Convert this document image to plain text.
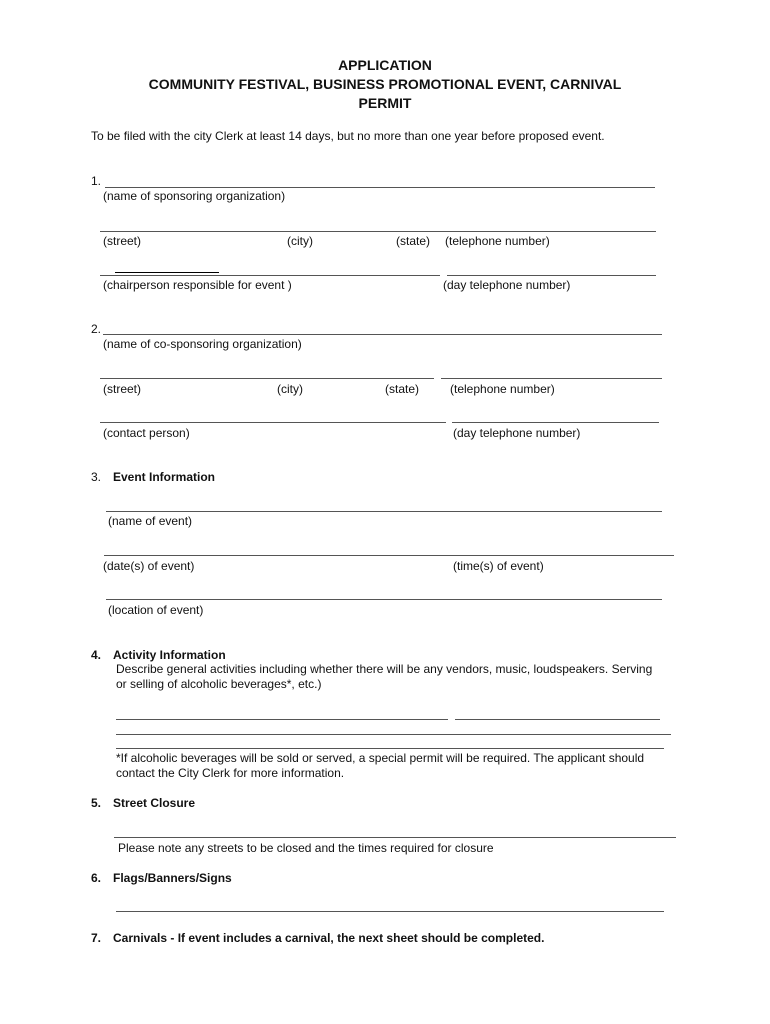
APPLICATION
COMMUNITY FESTIVAL, BUSINESS PROMOTIONAL EVENT, CARNIVAL
PERMIT
To be filed with the city Clerk at least 14 days, but no more than one year before proposed event.
1.
(name of sponsoring organization)
(street)	(city)	(state) (telephone number)
(chairperson responsible for event )	(day telephone number)
2.
(name of co-sponsoring organization)
(street)	(city)	(state)	(telephone number)
(contact person)	(day telephone number)
3. Event Information
(name of event)
(date(s) of event)	(time(s) of event)
(location of event)
4. Activity Information
Describe general activities including whether there will be any vendors, music, loudspeakers. Serving
or selling of alcoholic beverages*, etc.)
*If alcoholic beverages will be sold or served, a special permit will be required. The applicant should
contact the City Clerk for more information.
5. Street Closure
Please note any streets to be closed and the times required for closure
6. Flags/Banners/Signs
7. Carnivals - If event includes a carnival, the next sheet should be completed.
